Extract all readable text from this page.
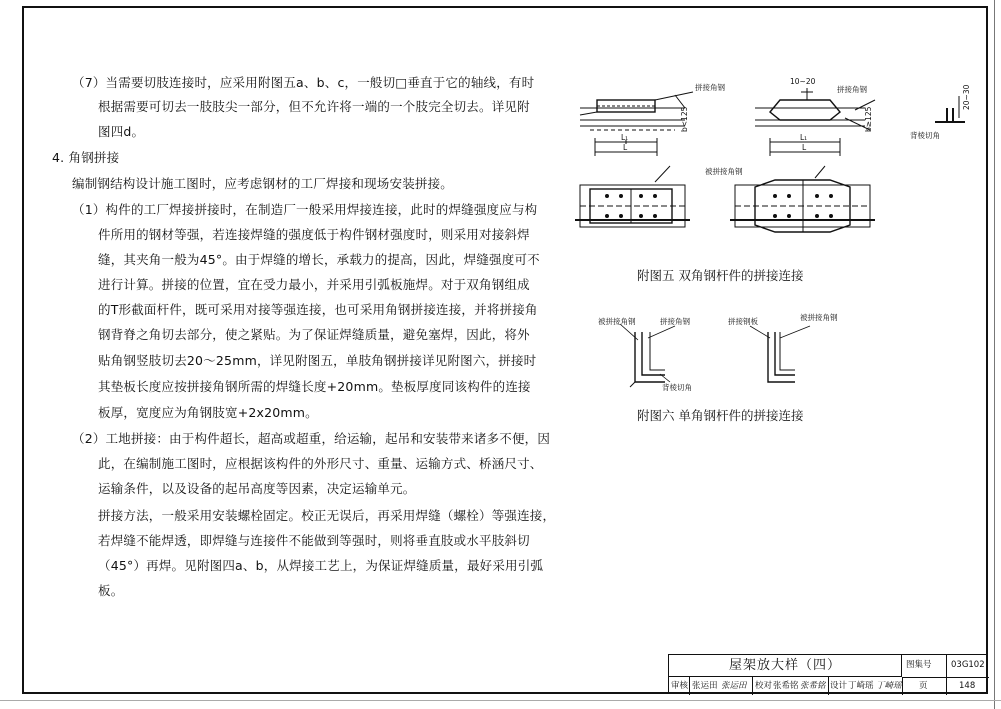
（7）当需要切肢连接时，应采用附图五a、b、c，一般切□垂直于它的轴线，有时
根据需要可切去一肢肢尖一部分，但不允许将一端的一个肢完全切去。详见附
图四d。
4. 角钢拼接
编制钢结构设计施工图时，应考虑钢材的工厂焊接和现场安装拼接。
（1）构件的工厂焊接拼接时，在制造厂一般采用焊接连接，此时的焊缝强度应与构
件所用的钢材等强，若连接焊缝的强度低于构件钢材强度时，则采用对接斜焊
缝，其夹角一般为45°。由于焊缝的增长，承载力的提高，因此，焊缝强度可不
进行计算。拼接的位置，宜在受力最小，并采用引弧板施焊。对于双角钢组成
的T形截面杆件，既可采用对接等强连接，也可采用角钢拼接连接，并将拼接角
钢背脊之角切去部分，使之紧贴。为了保证焊缝质量，避免塞焊，因此，将外
贴角钢竖肢切去20～25mm，详见附图五，单肢角钢拼接详见附图六，拼接时
其垫板长度应按拼接角钢所需的焊缝长度+20mm。垫板厚度同该构件的连接
板厚，宽度应为角钢肢宽+2x20mm。
（2）工地拼接：由于构件超长，超高或超重，给运输，起吊和安装带来诸多不便，因
此，在编制施工图时，应根据该构件的外形尺寸、重量、运输方式、桥涵尺寸、
运输条件，以及设备的起吊高度等因素，决定运输单元。
拼接方法，一般采用安装螺栓固定。校正无误后，再采用焊缝（螺栓）等强连接，
若焊缝不能焊透，即焊缝与连接件不能做到等强时，则将垂直肢或水平肢斜切
（45°）再焊。见附图四a、b，从焊接工艺上，为保证焊缝质量，最好采用引弧
板。
拼接角钢
10~20
拼接角钢
b<125	b≥125
L₁
L
L₁
L
20~30
背棱切角
被拼接角钢
附图五 双角钢杆件的拼接连接
被拼接角钢	拼接角钢
背棱切角
拼接钢板	被拼接角钢
附图六 单角钢杆件的拼接连接
屋架放大样（四）	图集号	03G102
审核 张运田 张运田 校对 张希铭 张希铭 设计 丁崎瑶 丁崎瑶 页	148
